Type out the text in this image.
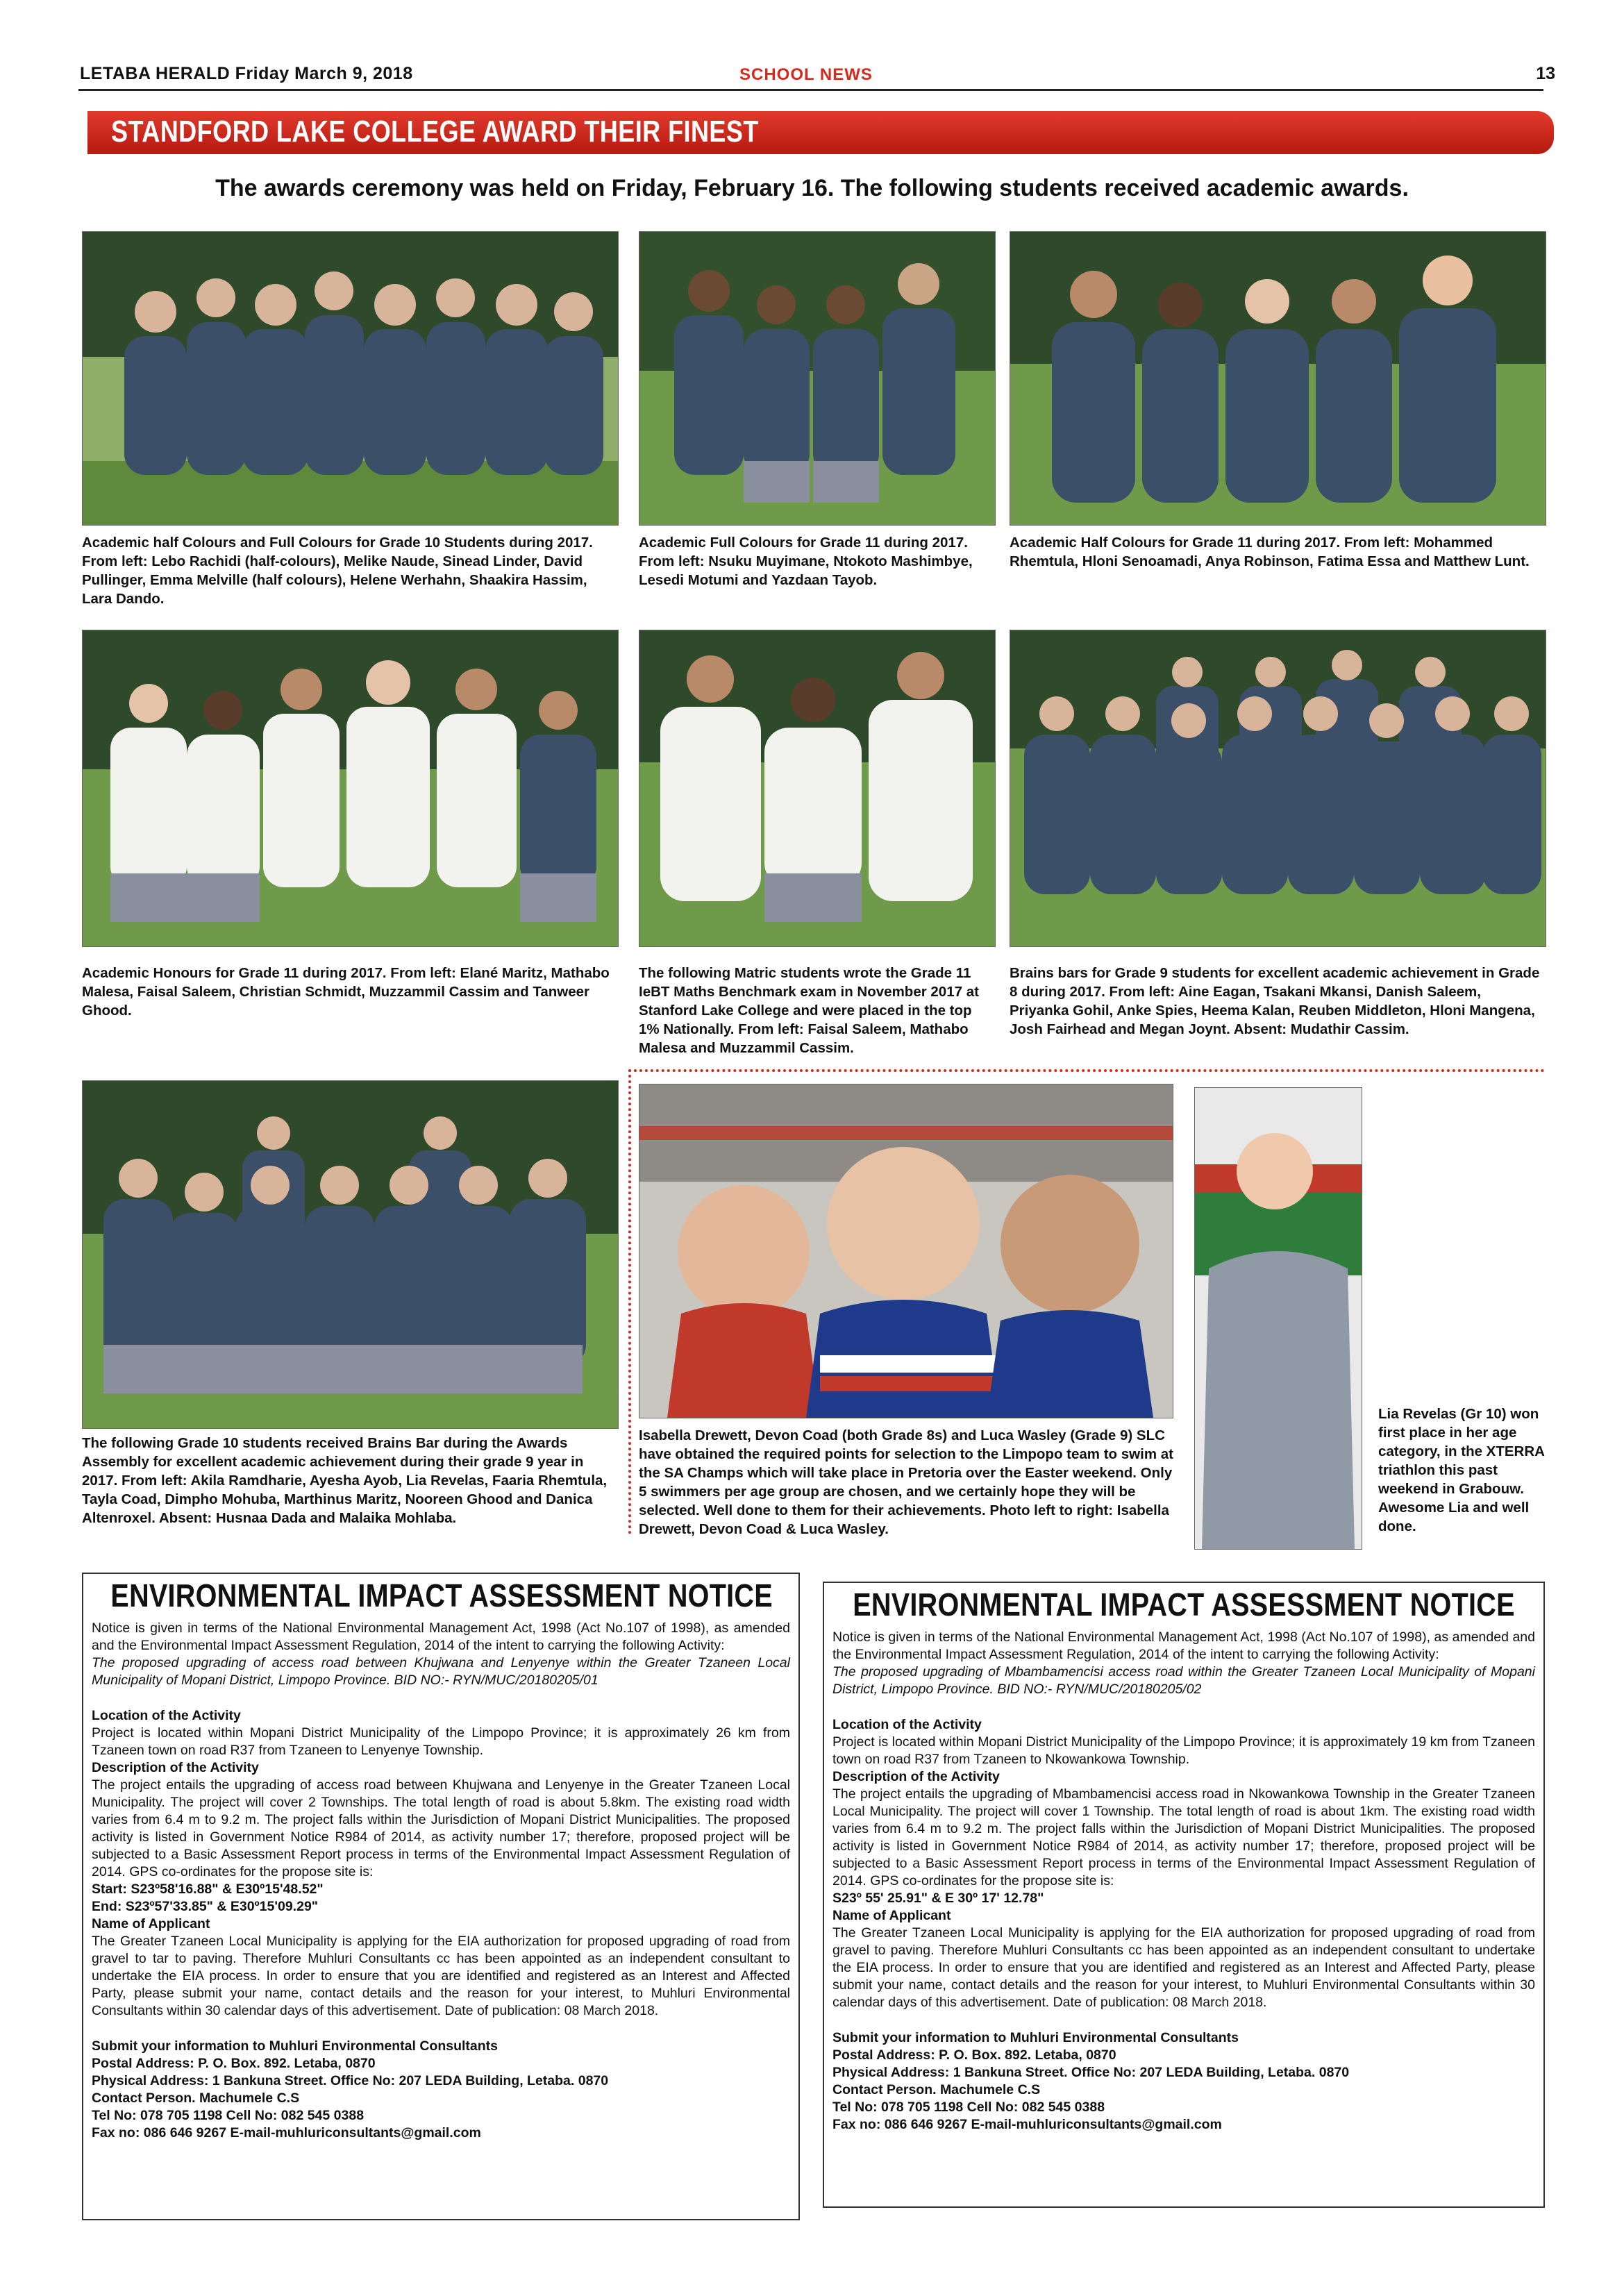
LETABA HERALD Friday March 9, 2018	SCHOOL NEWS	13
STANDFORD LAKE COLLEGE AWARD THEIR FINEST
The awards ceremony was held on Friday, February 16. The following students received academic awards.
Academic half Colours and Full Colours for Grade 10 Students during 2017. From left: Lebo Rachidi (half-colours), Melike Naude, Sinead Linder, David Pullinger, Emma Melville (half colours), Helene Werhahn, Shaakira Hassim, Lara Dando.
Academic Full Colours for Grade 11 during 2017. From left: Nsuku Muyimane, Ntokoto Mashimbye, Lesedi Motumi and Yazdaan Tayob.
Academic Half Colours for Grade 11 during 2017. From left: Mohammed Rhemtula, Hloni Senoamadi, Anya Robinson, Fatima Essa and Matthew Lunt.
Academic Honours for Grade 11 during 2017. From left: Elané Maritz, Mathabo Malesa, Faisal Saleem, Christian Schmidt, Muzzammil Cassim and Tanweer Ghood.
The following Matric students wrote the Grade 11 IeBT Maths Benchmark exam in November 2017 at Stanford Lake College and were placed in the top 1% Nationally. From left: Faisal Saleem, Mathabo Malesa and Muzzammil Cassim.
Brains bars for Grade 9 students for excellent academic achievement in Grade 8 during 2017. From left: Aine Eagan, Tsakani Mkansi, Danish Saleem, Priyanka Gohil, Anke Spies, Heema Kalan, Reuben Middleton, Hloni Mangena, Josh Fairhead and Megan Joynt. Absent: Mudathir Cassim.
The following Grade 10 students received Brains Bar during the Awards Assembly for excellent academic achievement during their grade 9 year in 2017. From left: Akila Ramdharie, Ayesha Ayob, Lia Revelas, Faaria Rhemtula, Tayla Coad, Dimpho Mohuba, Marthinus Maritz, Nooreen Ghood and Danica Altenroxel. Absent: Husnaa Dada and Malaika Mohlaba.
Isabella Drewett, Devon Coad (both Grade 8s) and Luca Wasley (Grade 9) SLC have obtained the required points for selection to the Limpopo team to swim at the SA Champs which will take place in Pretoria over the Easter weekend. Only 5 swimmers per age group are chosen, and we certainly hope they will be selected. Well done to them for their achievements. Photo left to right: Isabella Drewett, Devon Coad & Luca Wasley.
Lia Revelas (Gr 10) won first place in her age category, in the XTERRA triathlon this past weekend in Grabouw. Awesome Lia and well done.
ENVIRONMENTAL IMPACT ASSESSMENT NOTICE

Notice is given in terms of the National Environmental Management Act, 1998 (Act No.107 of 1998), as amended and the Environmental Impact Assessment Regulation, 2014 of the intent to carrying the following Activity:

The proposed upgrading of access road between Khujwana and Lenyenye within the Greater Tzaneen Local Municipality of Mopani District, Limpopo Province. BID NO:- RYN/MUC/20180205/01

Location of the Activity

Project is located within Mopani District Municipality of the Limpopo Province; it is approximately 26 km from Tzaneen town on road R37 from Tzaneen to Lenyenye Township.

Description of the Activity

The project entails the upgrading of access road between Khujwana and Lenyenye in the Greater Tzaneen Local Municipality. The project will cover 2 Townships. The total length of road is about 5.8km. The existing road width varies from 6.4 m to 9.2 m. The project falls within the Jurisdiction of Mopani District Municipalities. The proposed activity is listed in Government Notice R984 of 2014, as activity number 17; therefore, proposed project will be subjected to a Basic Assessment Report process in terms of the Environmental Impact Assessment Regulation of 2014. GPS co-ordinates for the propose site is:

Start: S23º58'16.88" & E30º15'48.52"

End: S23º57'33.85" & E30º15'09.29"

Name of Applicant

The Greater Tzaneen Local Municipality is applying for the EIA authorization for proposed upgrading of road from gravel to tar to paving. Therefore Muhluri Consultants cc has been appointed as an independent consultant to undertake the EIA process. In order to ensure that you are identified and registered as an Interest and Affected Party, please submit your name, contact details and the reason for your interest, to Muhluri Environmental Consultants within 30 calendar days of this advertisement. Date of publication: 08 March 2018.

Submit your information to Muhluri Environmental Consultants

Postal Address: P. O. Box. 892. Letaba, 0870

Physical Address: 1 Bankuna Street. Office No: 207 LEDA Building, Letaba. 0870

Contact Person. Machumele C.S

Tel No: 078 705 1198 Cell No: 082 545 0388

Fax no: 086 646 9267 E-mail-muhluriconsultants@gmail.com

ENVIRONMENTAL IMPACT ASSESSMENT NOTICE

Notice is given in terms of the National Environmental Management Act, 1998 (Act No.107 of 1998), as amended and the Environmental Impact Assessment Regulation, 2014 of the intent to carrying the following Activity:

The proposed upgrading of Mbambamencisi access road within the Greater Tzaneen Local Municipality of Mopani District, Limpopo Province. BID NO:- RYN/MUC/20180205/02

Location of the Activity

Project is located within Mopani District Municipality of the Limpopo Province; it is approximately 19 km from Tzaneen town on road R37 from Tzaneen to Nkowankowa Township.

Description of the Activity

The project entails the upgrading of Mbambamencisi access road in Nkowankowa Township in the Greater Tzaneen Local Municipality. The project will cover 1 Township. The total length of road is about 1km. The existing road width varies from 6.4 m to 9.2 m. The project falls within the Jurisdiction of Mopani District Municipalities. The proposed activity is listed in Government Notice R984 of 2014, as activity number 17; therefore, proposed project will be subjected to a Basic Assessment Report process in terms of the Environmental Impact Assessment Regulation of 2014. GPS co-ordinates for the propose site is:

S23º 55' 25.91" & E 30º 17' 12.78"

Name of Applicant

The Greater Tzaneen Local Municipality is applying for the EIA authorization for proposed upgrading of road from gravel to paving. Therefore Muhluri Consultants cc has been appointed as an independent consultant to undertake the EIA process. In order to ensure that you are identified and registered as an Interest and Affected Party, please submit your name, contact details and the reason for your interest, to Muhluri Environmental Consultants within 30 calendar days of this advertisement. Date of publication: 08 March 2018.

Submit your information to Muhluri Environmental Consultants

Postal Address: P. O. Box. 892. Letaba, 0870

Physical Address: 1 Bankuna Street. Office No: 207 LEDA Building, Letaba. 0870

Contact Person. Machumele C.S

Tel No: 078 705 1198 Cell No: 082 545 0388

Fax no: 086 646 9267 E-mail-muhluriconsultants@gmail.com
